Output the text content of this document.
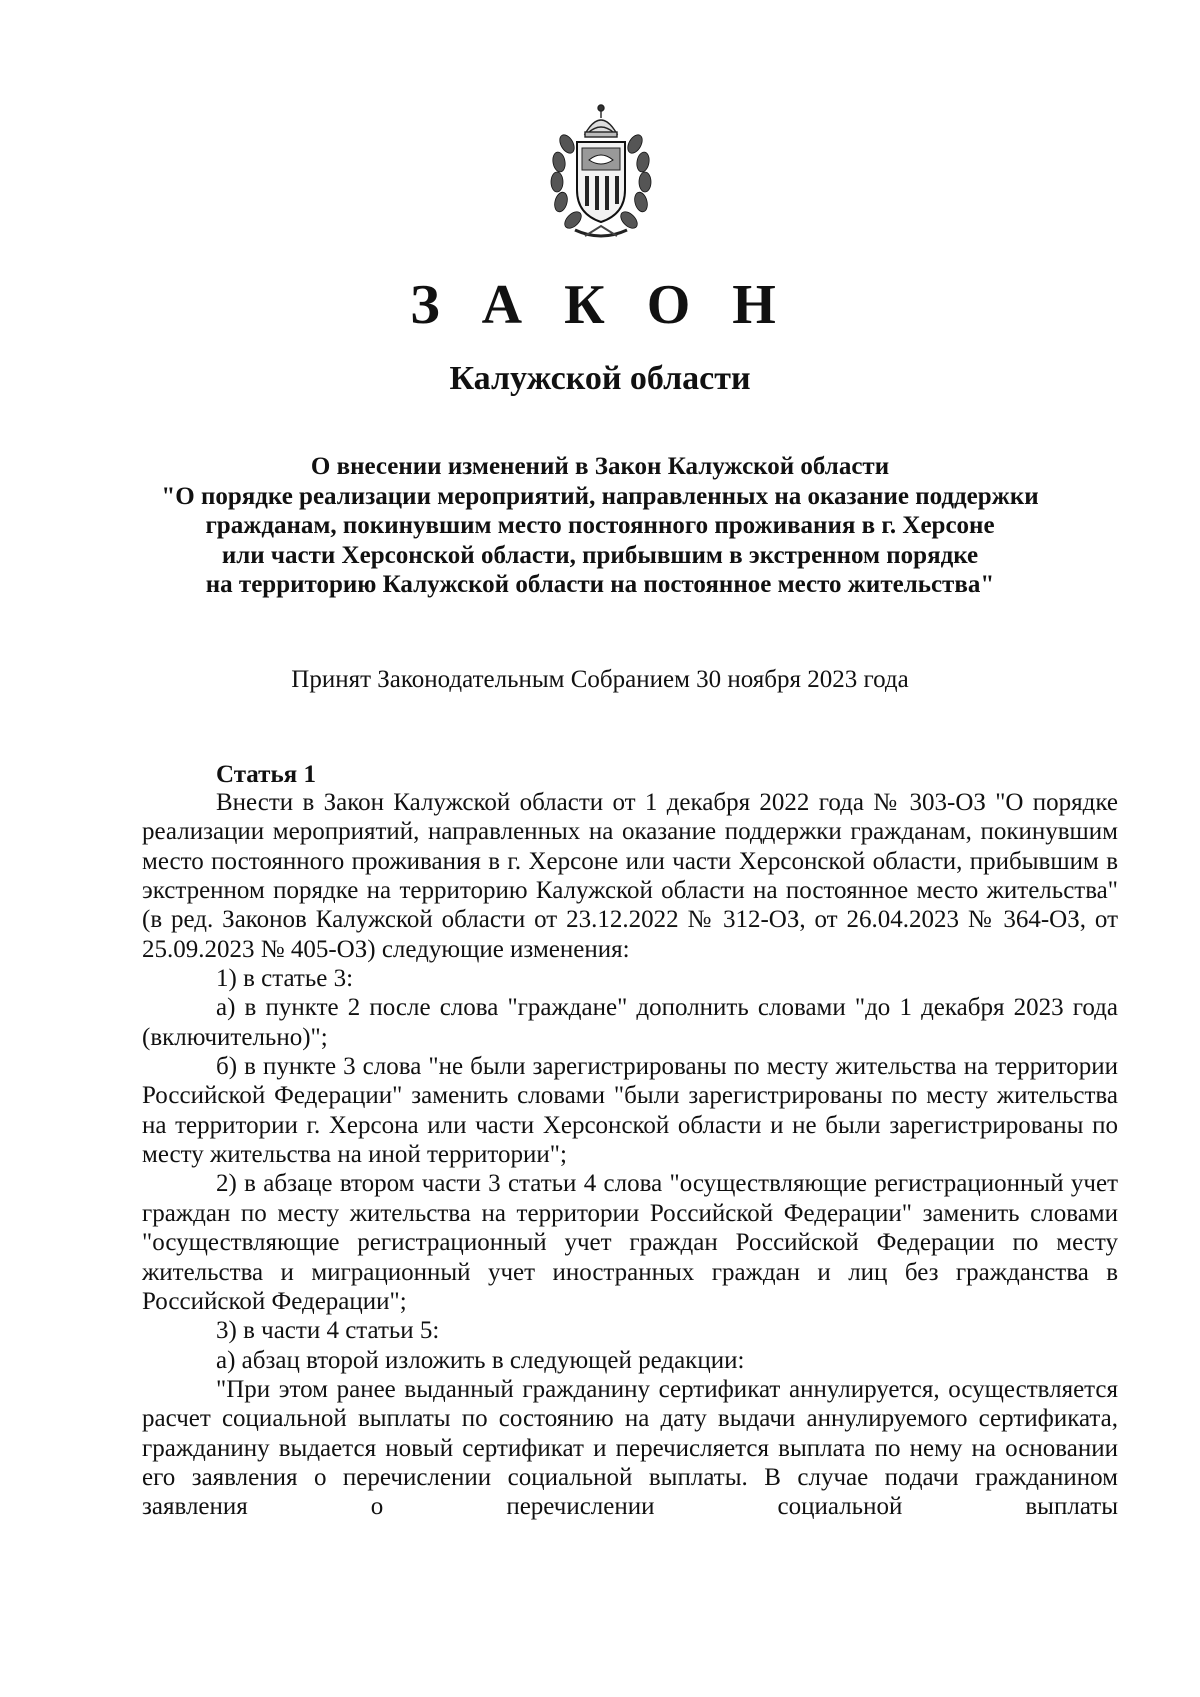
З А К О Н
Калужской области

О внесении изменений в Закон Калужской области
"О порядке реализации мероприятий, направленных на оказание поддержки
гражданам, покинувшим место постоянного проживания в г. Херсоне
или части Херсонской области, прибывшим в экстренном порядке
на территорию Калужской области на постоянное место жительства"

Принят Законодательным Собранием 30 ноября 2023 года

Статья 1

Внести в Закон Калужской области от 1 декабря 2022 года № 303-ОЗ "О порядке реализации мероприятий, направленных на оказание поддержки гражданам, покинувшим место постоянного проживания в г. Херсоне или части Херсонской области, прибывшим в экстренном порядке на территорию Калужской области на постоянное место жительства" (в ред. Законов Калужской области от 23.12.2022 № 312-ОЗ, от 26.04.2023 № 364-ОЗ, от 25.09.2023 № 405-ОЗ) следующие изменения:

1) в статье 3:

а) в пункте 2 после слова "граждане" дополнить словами "до 1 декабря 2023 года (включительно)";

б) в пункте 3 слова "не были зарегистрированы по месту жительства на территории Российской Федерации" заменить словами "были зарегистрированы по месту жительства на территории г. Херсона или части Херсонской области и не были зарегистрированы по месту жительства на иной территории";

2) в абзаце втором части 3 статьи 4 слова "осуществляющие регистрационный учет граждан по месту жительства на территории Российской Федерации" заменить словами "осуществляющие регистрационный учет граждан Российской Федерации по месту жительства и миграционный учет иностранных граждан и лиц без гражданства в Российской Федерации";

3) в части 4 статьи 5:

а) абзац второй изложить в следующей редакции:

"При этом ранее выданный гражданину сертификат аннулируется, осуществляется расчет социальной выплаты по состоянию на дату выдачи аннулируемого сертификата, гражданину выдается новый сертификат и перечисляется выплата по нему на основании его заявления о перечислении социальной выплаты. В случае подачи гражданином заявления о перечислении социальной выплаты
